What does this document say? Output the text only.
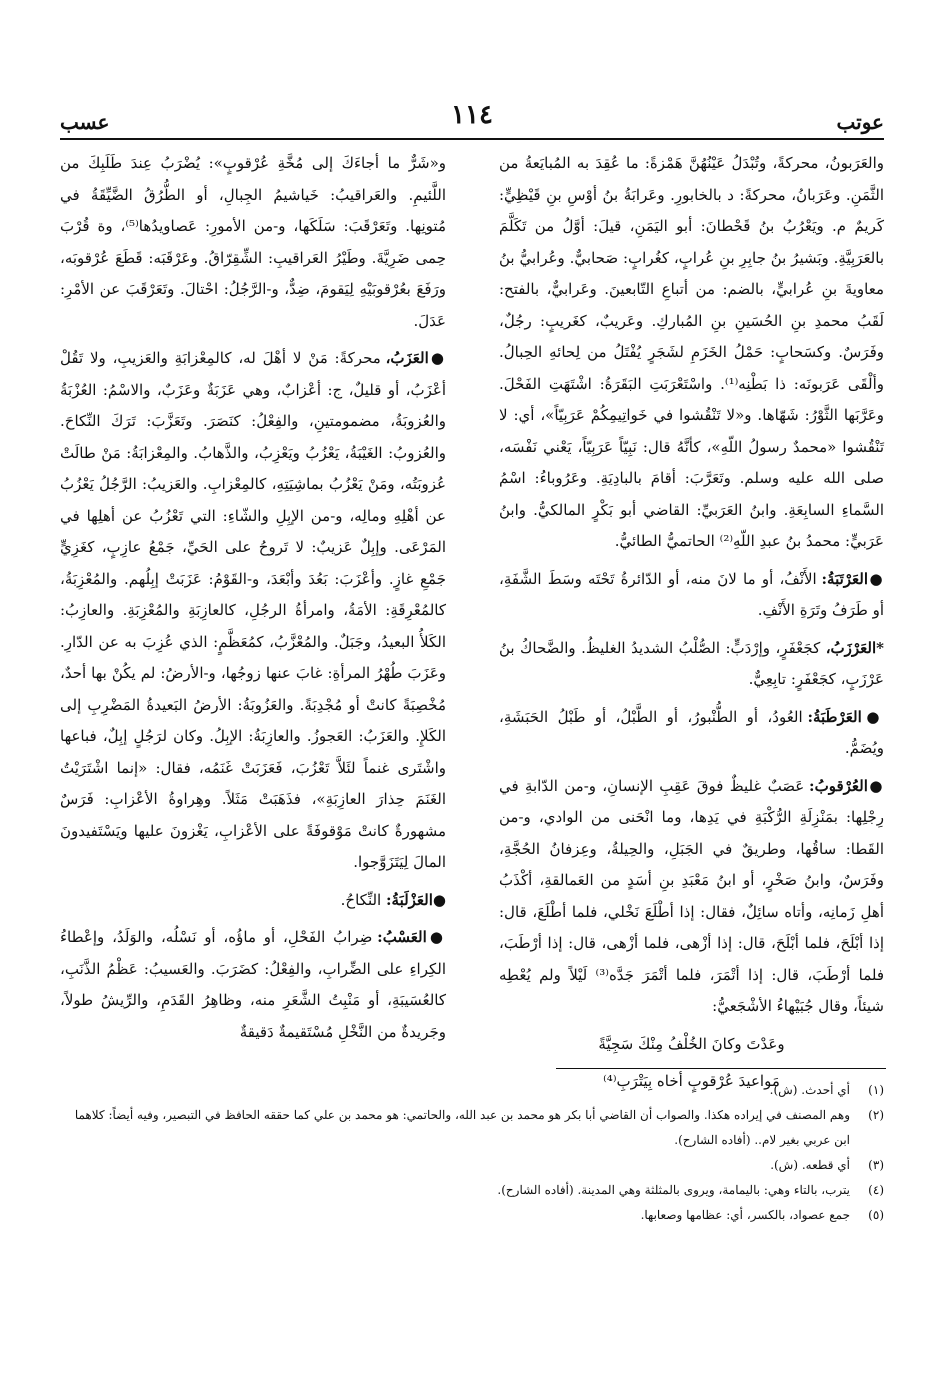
عوتب
١١٤
عسب

والعَرَبونُ، محركةً، وتُبْدَلُ عَيْنُهُنَّ هَمْزةً: ما عُقِدَ به المُبايَعةُ من الثَّمَنِ. وعَرَبانُ، محركةً: د بالخابورِ. وعَرابَةُ بنُ أوْسِ بنِ قَيْظِيٍّ: كَريمٌ م. ويَعْرُبُ بنُ قَحْطانَ: أبو اليَمَنِ، قيلَ: أوَّلُ من تَكَلَّمَ بالعَرَبِيَّةِ. وبَشيرُ بنُ جابِرِ بنِ عُرابٍ، كغُرابٍ: صَحابيٌّ. وعُرابيُّ بنُ معاويةَ بنِ عُرابيٍّ، بالضم: من أتباعِ التّابعينَ. وعَرابيٌّ، بالفتح: لَقَبُ محمدِ بنِ الحُسَينِ بنِ المُباركِ. وعَريبٌ، كغَريبٍ: رجُلٌ، وفَرَسٌ. وكسَحابٍ: حَمْلُ الخَزَمِ لشَجَرٍ يُفْتَلُ من لِحائهِ الحِبالُ. وألْقَى عَرَبونَه: ذا بَطْنِه⁽¹⁾. واسْتَعْرَبَتِ البَقَرَةُ: اشْتَهَتِ الفَحْلَ. وعَرَّبَها الثَّوْرُ: شَهّاها. و«لا تَنْقُشوا في خَواتِيمِكُمْ عَرَبِيّاً»، أي: لا تَنْقُشوا «محمدٌ رسولُ اللّهِ»، كأنَّهُ قال: نَبِيّاً عَرَبِيّاً، يَعْني نَفْسَه، صلى الله عليه وسلم. وتَعَرَّبَ: أقامَ بالبادِيَةِ. وعَرُوباءُ: اسْمُ السَّماءِ السابِعَةِ. وابنُ العَرَبيِّ: القاضي أبو بَكْرٍ المالكيُّ. وابنُ عَرَبيٍّ: محمدُ بنُ عبدِ اللّهِ⁽²⁾ الحاتميُّ الطائيُّ.

●العَرْتَبَةُ: الأَنْفُ، أو ما لانَ منه، أو الدّائرةُ تَحْتَه وسَطَ الشَّفَةِ، أو طَرَفُ وتَرَةِ الأَنْفِ.

*العَرْزَبُ، كجَعْفَرٍ، وإرْدَبٍّ: الصُّلْبُ الشديدُ الغليظُ. والضَّحاكُ بنُ عَرْزَبٍ، كجَعْفَرٍ: تابِعِيٌّ.

●العَرْطَبَةُ: العُودُ، أو الطُّنْبورُ، أو الطَّبْلُ، أو طَبْلُ الحَبَشَةِ، ويُضَمُّ.

●العُرْقوبُ: عَصَبٌ غليظٌ فوقَ عَقِبِ الإنسانِ، و-من الدّابةِ في رِجْلِها: بمَنْزِلَةِ الرُّكْبَةِ في يَدِها، وما انْحَنى من الوادي، و-من القَطا: ساقُها، وطريقٌ في الجَبَلِ، والحِيلةُ، وعِزفانُ الحُجَّةِ، وفَرَسٌ، وابنُ صَخْرٍ، أو ابنُ مَعْبَدِ بنِ أسَدٍ من العَمالقةِ، أكْذَبُ أهلِ زَمانِه، وأتاه سائِلٌ، فقال: إذا أطْلَعَ نَخْلي، فلما أطْلَعَ، قال: إذا أبْلَحَ، فلما أبْلَحَ، قال: إذا أزْهى، فلما أزْهى، قال: إذا أرْطَبَ، فلما أرْطَبَ، قال: إذا أتْمَرَ، فلما أتْمَرَ جَدَّه⁽³⁾ لَيْلاً ولم يُعْطِه شيئاً، وقال جُبَيْهاءُ الأشْجَعيُّ:

وعَدْتَ وكانَ الخُلْفُ مِنْكَ سَجِيَّةً

مَواعيدَ عُرْقوبٍ أخاه بِيَتْرَبِ⁽⁴⁾

و«شَرٌّ ما أجاءَكَ إلى مُخَّةِ عُرْقوبٍ»: يُضْرَبُ عِندَ طَلَبِكَ من اللَّئيمِ. والعَراقيبُ: خَياشيمُ الجِبالِ، أو الطُّرُقُ الضَّيِّقَةُ في مُتونِها. وتَعَرْقَبَ: سَلَكَها، و-من الأمورِ: عَصاويدُها⁽⁵⁾، وة قُرْبَ حِمى ضَرِيَّةَ. وطَيْرُ العَراقيبِ: الشِّقِرّاقُ. وعَرْقَبَه: قَطَعَ عُرْقوبَه، ورَفَعَ بعُرْقوبَيْهِ لِيَقومَ، ضِدٌّ، و-الرَّجُلُ: احْتالَ. وتَعَرْقَبَ عن الأمْرِ: عَدَلَ.

●العَزَبُ، محركةً: مَنْ لا أهْلَ له، كالمِعْزابَةِ والعَزيبِ، ولا تَقُلْ أعْزَبُ، أو قليلٌ، ج: أعْزابٌ، وهي عَزَبَةٌ وعَزَبٌ، والاسْمُ: العُزْبَةُ والعُزوبَةُ، مضمومتينِ، والفِعْلُ: كنَصَرَ. وتَعَزَّبَ: تَرَكَ النِّكاحَ. والعُزوبُ: الغَيْبَةُ، يَعْزُبُ ويَعْزِبُ، والذَّهابُ. والمِعْزابَةُ: مَنْ طالَتْ عُزوبَتُه، ومَنْ يَعْزُبُ بماشِيَتِهِ، كالمِعْزابِ. والعَزيبُ: الرَّجُلُ يَعْزُبُ عن أهْلِهِ ومالِه، و-من الإبِلِ والشّاءِ: التي تَعْزُبُ عن أهلِها في المَرْعَى. وإبِلٌ عَزيبٌ: لا تَروحُ على الحَيِّ، جَمْعُ عازِبٍ، كغَزِيٍّ جَمْعِ غازٍ. وأعْزَبَ: بَعُدَ وأبْعَدَ، و-القَوْمُ: عَزَبَتْ إبِلُهم. والمُعْزِبَةُ، كالمُعْرِقَةِ: الأمَةُ، وامرأةُ الرجُلِ، كالعازِبَةِ والمُعْزِبَةِ. والعازِبُ: الكَلأُ البعيدُ، وجَبَلٌ. والمُعْزَّبُ، كمُعَظَّمٍ: الذي عُزِبَ به عن الدّارِ. وعَزَبَ طُهْرُ المرأةِ: غابَ عنها زوجُها، و-الأرضُ: لم يكُنْ بها أحدٌ، مُخْصِبَةً كانتْ أو مُجْدِبَةً. والعَزُوبَةُ: الأرضُ البَعيدةُ المَضْرِبِ إلى الكَلإِ. والعَزَبُ: العَجوزُ. والعازِبَةُ: الإبِلُ. وكان لرَجُلٍ إبِلٌ، فباعها واشْتَرى غنماً لئَلاَّ تَعْزُبَ، فَعَزَبَتْ غَنَمُه، فقال: «إنما اشْتَرَيْتُ الغَنَمَ حِذارَ العازِبَةِ»، فذَهَبَتْ مَثَلاً. وهِراوةُ الأعْزابِ: فَرَسٌ مشهورةٌ كانتْ مَوْقوفَةً على الأعْزابِ، يَغْزونَ عليها ويَسْتَفيدونَ المالَ لِيَتَزَوَّجوا.

●العَزْلَبَةُ: النِّكاحُ.

●العَسْبُ: ضِرابُ الفَحْلِ، أو ماؤُه، أو نَسْلُه، والوَلَدُ، وإعْطاءُ الكِراءِ على الضِّرابِ، والفِعْلُ: كضَرَبَ. والعَسيبُ: عَظْمُ الذَّنَبِ، كالعُسَيبَةِ، أو مَنْبِتُ الشَّعَرِ منه، وظاهِرُ القَدَمِ، والرِّيشُ طولاً، وجَريدةٌ من النَّخْلِ مُسْتَقيمةٌ دَقيقةٌ

(١)
أي أحدث. (ش).
(٢)
وهم المصنف في إيراده هكذا. والصواب أن القاضي أبا بكر هو محمد بن عبد الله، والحاتمي: هو محمد بن علي كما حققه الحافظ في التبصير، وفيه أيضاً: كلاهما ابن عربي بغير لام.. (أفاده الشارح).
(٣)
أي قطعه. (ش).
(٤)
يترب، بالتاء وهي: باليمامة، ويروى بالمثلثة وهي المدينة. (أفاده الشارح).
(٥)
جمع عصواد، بالكسر، أي: عظامها وصعابها.
